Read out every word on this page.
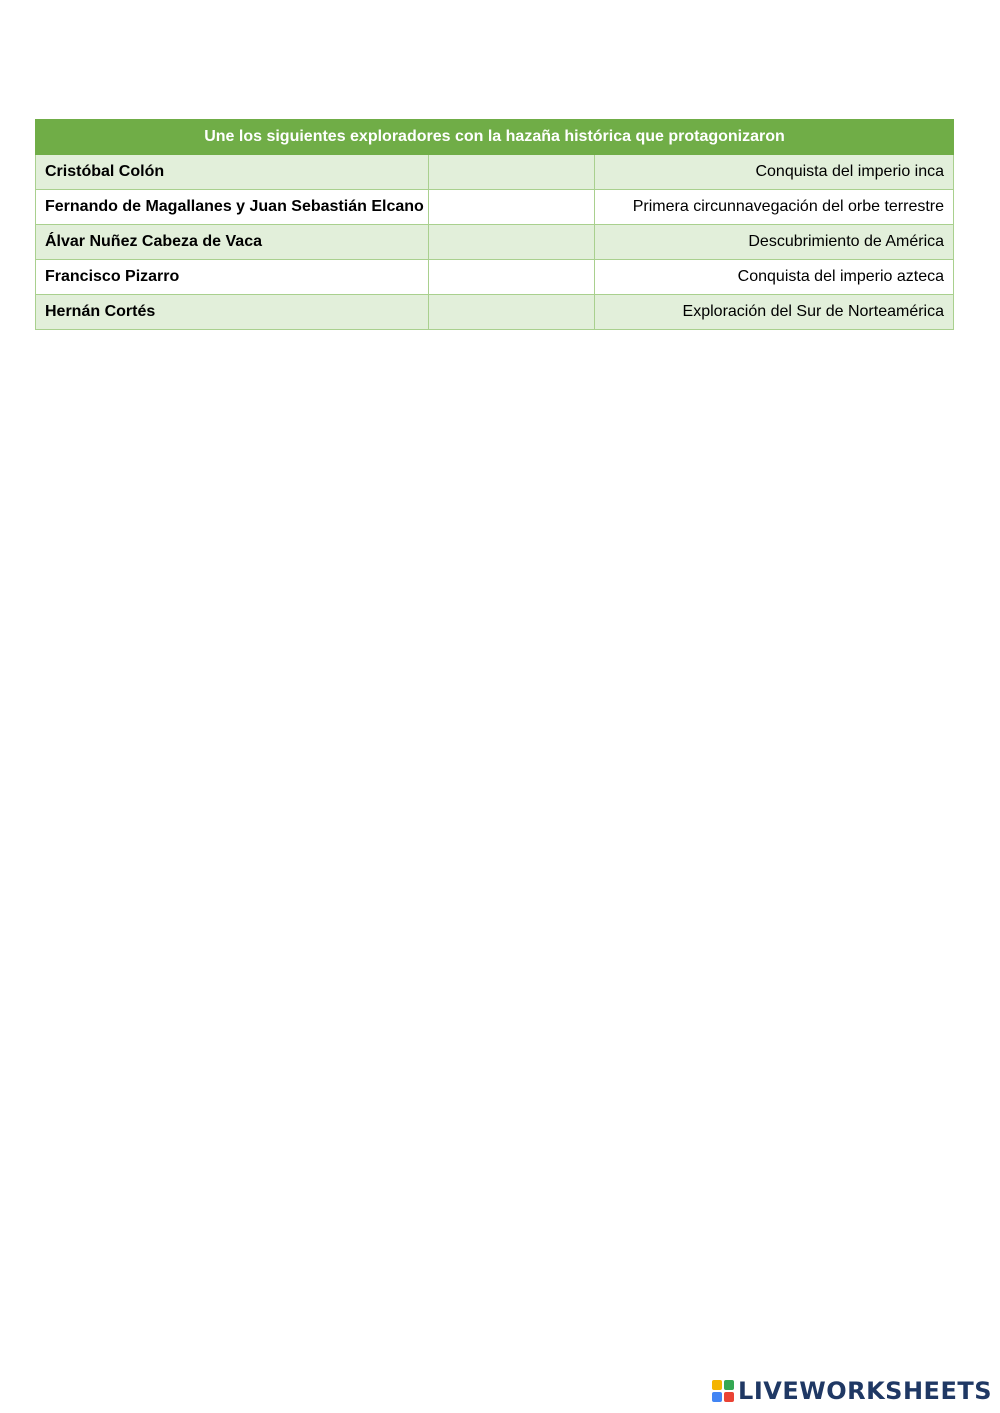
Une los siguientes exploradores con la hazaña histórica que protagonizaron		
Cristóbal Colón		Conquista del imperio inca
Fernando de Magallanes y Juan Sebastián Elcano		Primera circunnavegación del orbe terrestre
Álvar Nuñez Cabeza de Vaca		Descubrimiento de América
Francisco Pizarro		Conquista del imperio azteca
Hernán Cortés		Exploración del Sur de Norteamérica
LIVEWORKSHEETS
